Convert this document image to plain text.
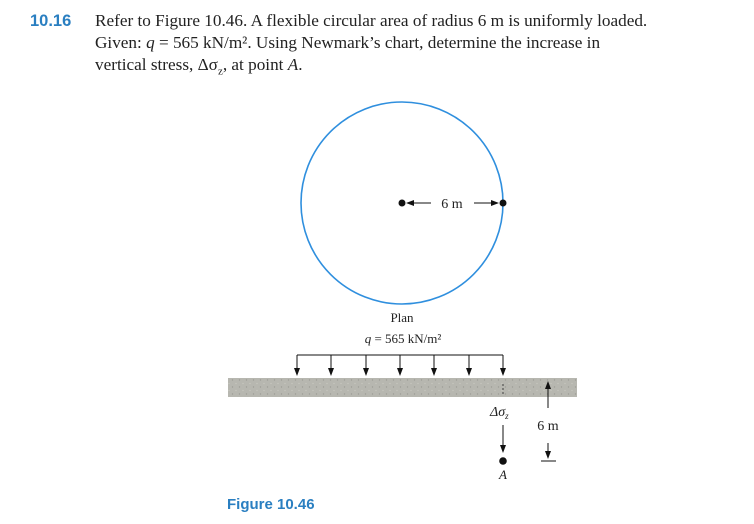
10.16 Refer to Figure 10.46. A flexible circular area of radius 6 m is uniformly loaded.
Given: q = 565 kN/m². Using Newmark’s chart, determine the increase in
vertical stress, $\Delta\sigma_z$, at point A.
6 m
Plan
q = 565 kN/m²
$\Delta\sigma_z$
A
6 m
Figure 10.46
